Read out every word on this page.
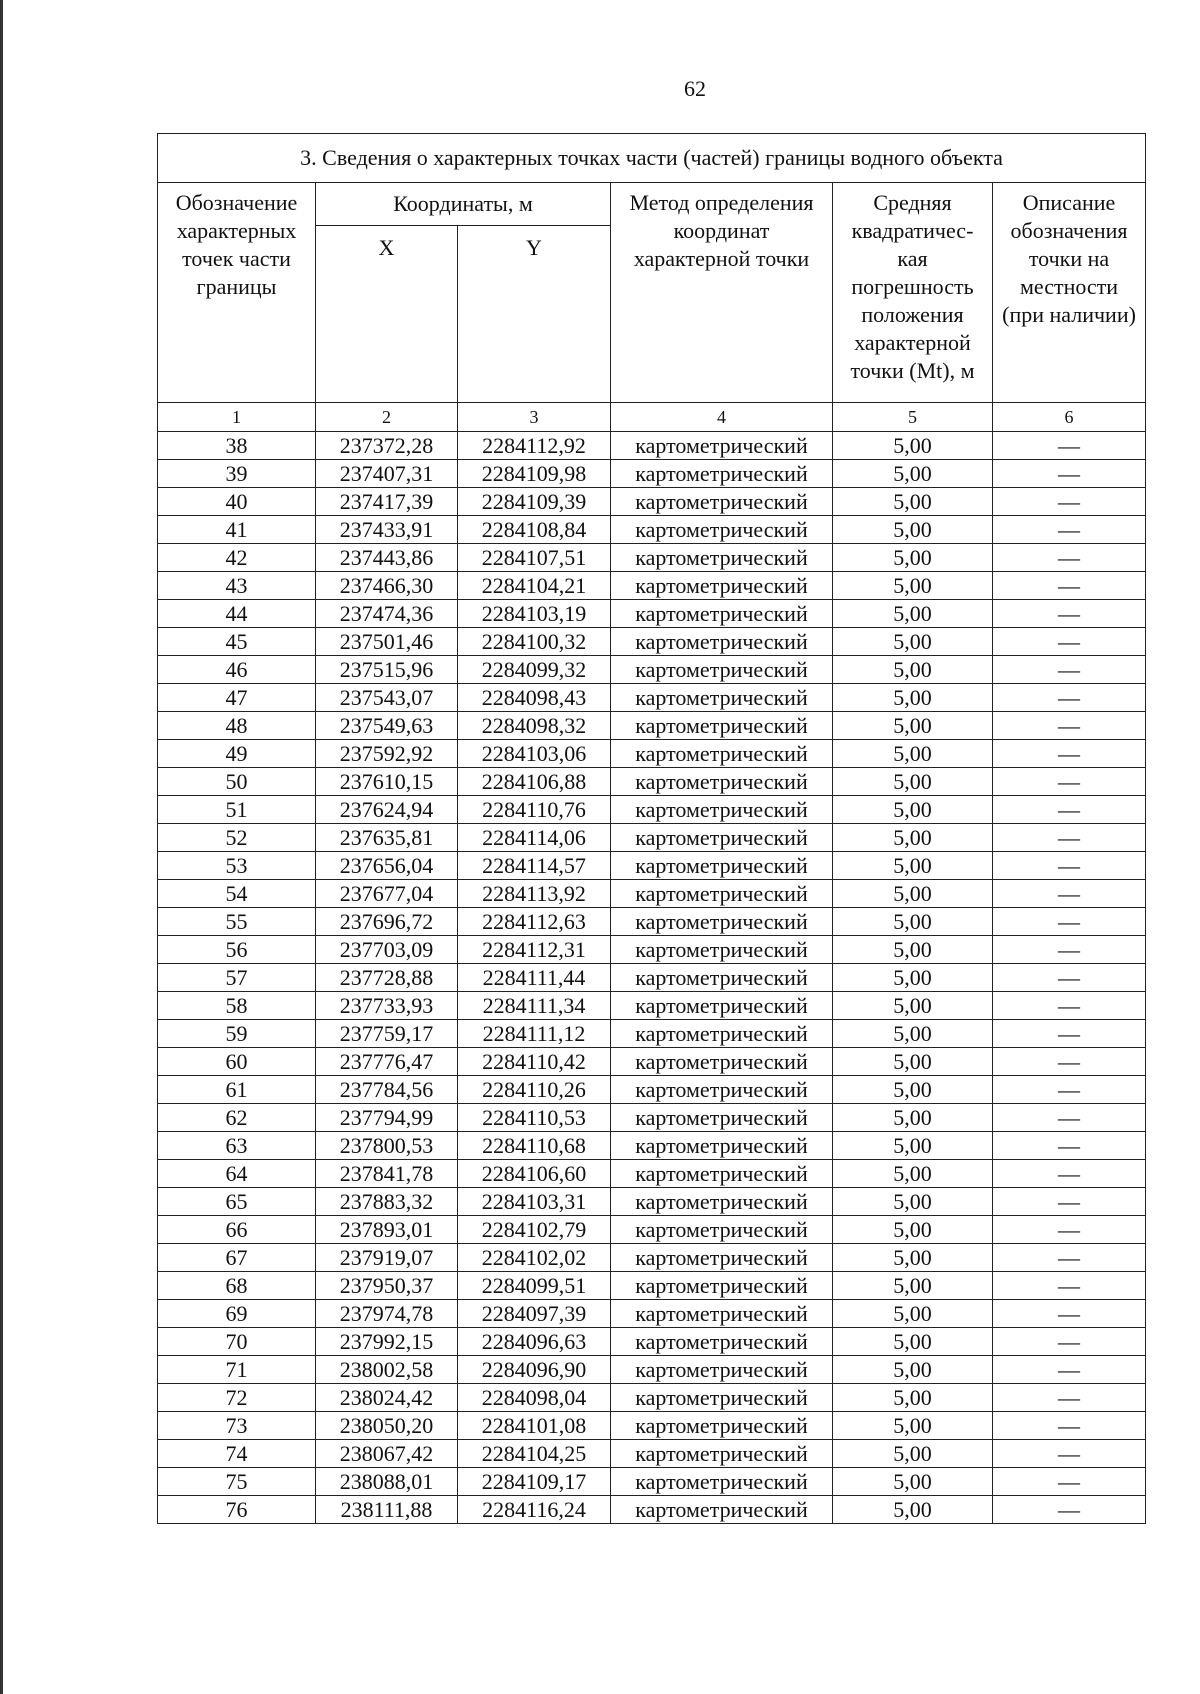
62
3. Сведения о характерных точках части (частей) границы водного объекта					
Обозначение характерных точек части границы	Координаты, м		Метод определения координат характерной точки	Средняя квадратичес-кая погрешность положения характерной точки (Mt), м	Описание обозначения точки на местности (при наличии)
	X	Y			
1	2	3	4	5	6
38	237372,28	2284112,92	картометрический	5,00	—
39	237407,31	2284109,98	картометрический	5,00	—
40	237417,39	2284109,39	картометрический	5,00	—
41	237433,91	2284108,84	картометрический	5,00	—
42	237443,86	2284107,51	картометрический	5,00	—
43	237466,30	2284104,21	картометрический	5,00	—
44	237474,36	2284103,19	картометрический	5,00	—
45	237501,46	2284100,32	картометрический	5,00	—
46	237515,96	2284099,32	картометрический	5,00	—
47	237543,07	2284098,43	картометрический	5,00	—
48	237549,63	2284098,32	картометрический	5,00	—
49	237592,92	2284103,06	картометрический	5,00	—
50	237610,15	2284106,88	картометрический	5,00	—
51	237624,94	2284110,76	картометрический	5,00	—
52	237635,81	2284114,06	картометрический	5,00	—
53	237656,04	2284114,57	картометрический	5,00	—
54	237677,04	2284113,92	картометрический	5,00	—
55	237696,72	2284112,63	картометрический	5,00	—
56	237703,09	2284112,31	картометрический	5,00	—
57	237728,88	2284111,44	картометрический	5,00	—
58	237733,93	2284111,34	картометрический	5,00	—
59	237759,17	2284111,12	картометрический	5,00	—
60	237776,47	2284110,42	картометрический	5,00	—
61	237784,56	2284110,26	картометрический	5,00	—
62	237794,99	2284110,53	картометрический	5,00	—
63	237800,53	2284110,68	картометрический	5,00	—
64	237841,78	2284106,60	картометрический	5,00	—
65	237883,32	2284103,31	картометрический	5,00	—
66	237893,01	2284102,79	картометрический	5,00	—
67	237919,07	2284102,02	картометрический	5,00	—
68	237950,37	2284099,51	картометрический	5,00	—
69	237974,78	2284097,39	картометрический	5,00	—
70	237992,15	2284096,63	картометрический	5,00	—
71	238002,58	2284096,90	картометрический	5,00	—
72	238024,42	2284098,04	картометрический	5,00	—
73	238050,20	2284101,08	картометрический	5,00	—
74	238067,42	2284104,25	картометрический	5,00	—
75	238088,01	2284109,17	картометрический	5,00	—
76	238111,88	2284116,24	картометрический	5,00	—
